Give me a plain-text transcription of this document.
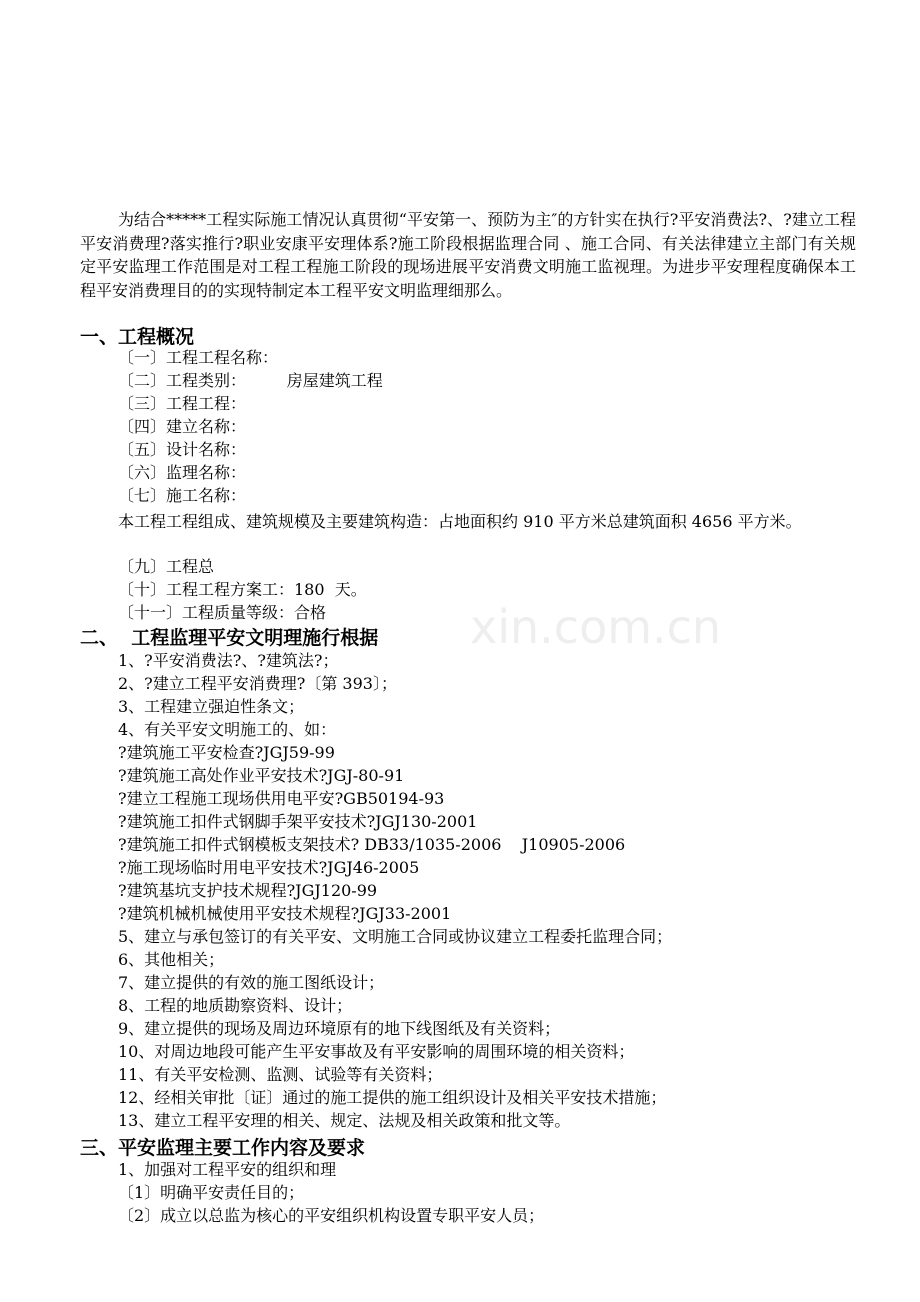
为结合*****工程实际施工情况认真贯彻“平安第一、预防为主″的方针实在执行?平安消费法?、?建立工程平安消费理?落实推行?职业安康平安理体系?施工阶段根据监理合同 、施工合同、有关法律建立主部门有关规定平安监理工作范围是对工程工程施工阶段的现场进展平安消费文明施工监视理。为进步平安理程度确保本工程平安消费理目的的实现特制定本工程平安文明监理细那么。

一、工程概况

〔一〕工程工程名称：

〔二〕工程类别：        房屋建筑工程

〔三〕工程工程：

〔四〕建立名称：

〔五〕设计名称：

〔六〕监理名称：

〔七〕施工名称：

本工程工程组成、建筑规模及主要建筑构造：占地面积约 910 平方米总建筑面积 4656 平方米。

〔九〕工程总

〔十〕工程工程方案工：180  天。

〔十一〕工程质量等级：合格

二、  工程监理平安文明理施行根据

1、?平安消费法?、?建筑法?；

2、?建立工程平安消费理?〔第 393〕；

3、工程建立强迫性条文；

4、有关平安文明施工的、如：

?建筑施工平安检查?JGJ59-99

?建筑施工高处作业平安技术?JGJ-80-91

?建立工程施工现场供用电平安?GB50194-93

?建筑施工扣件式钢脚手架平安技术?JGJ130-2001

?建筑施工扣件式钢模板支架技术? DB33/1035-2006    J10905-2006

?施工现场临时用电平安技术?JGJ46-2005

?建筑基坑支护技术规程?JGJ120-99

?建筑机械机械使用平安技术规程?JGJ33-2001

5、建立与承包签订的有关平安、文明施工合同或协议建立工程委托监理合同；

6、其他相关；

7、建立提供的有效的施工图纸设计；

8、工程的地质勘察资料、设计；

9、建立提供的现场及周边环境原有的地下线图纸及有关资料；

10、对周边地段可能产生平安事故及有平安影响的周围环境的相关资料；

11、有关平安检测、监测、试验等有关资料；

12、经相关审批〔证〕通过的施工提供的施工组织设计及相关平安技术措施；

13、建立工程平安理的相关、规定、法规及相关政策和批文等。

三、平安监理主要工作内容及要求

1、加强对工程平安的组织和理

〔1〕明确平安责任目的；

〔2〕成立以总监为核心的平安组织机构设置专职平安人员；

xin.com.cn
